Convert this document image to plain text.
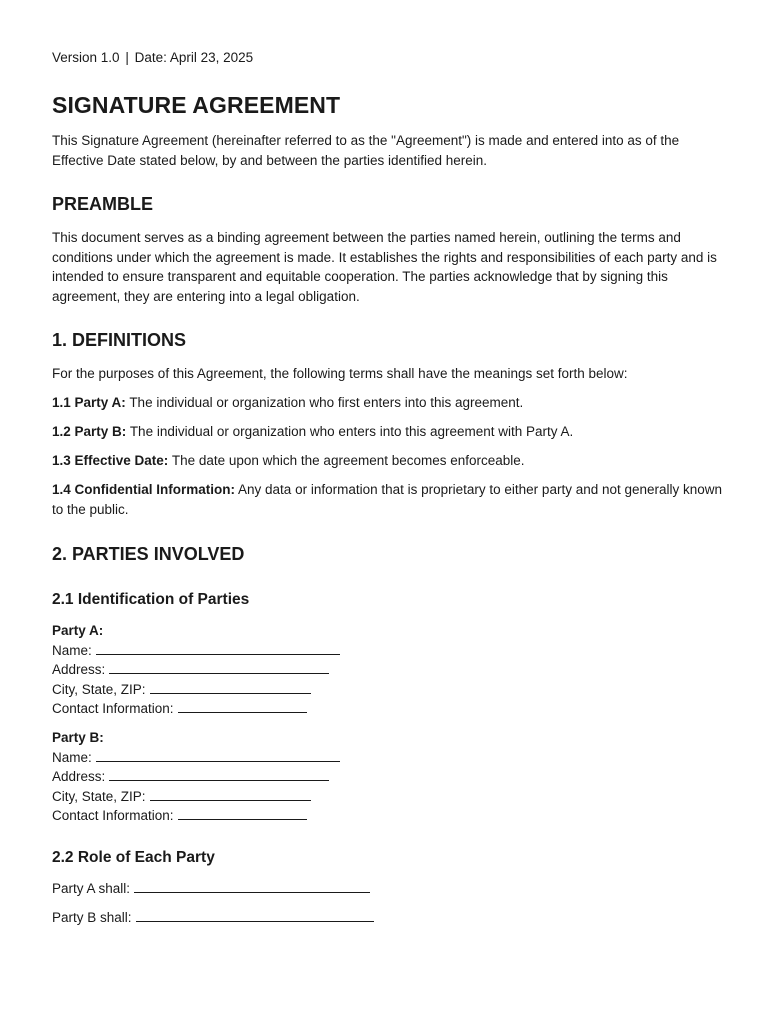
Version 1.0 | Date: April 23, 2025
SIGNATURE AGREEMENT

This Signature Agreement (hereinafter referred to as the "Agreement") is made and entered into as of the Effective Date stated below, by and between the parties identified herein.

PREAMBLE

This document serves as a binding agreement between the parties named herein, outlining the terms and conditions under which the agreement is made. It establishes the rights and responsibilities of each party and is intended to ensure transparent and equitable cooperation. The parties acknowledge that by signing this agreement, they are entering into a legal obligation.

1. DEFINITIONS

For the purposes of this Agreement, the following terms shall have the meanings set forth below:

1.1 Party A: The individual or organization who first enters into this agreement.

1.2 Party B: The individual or organization who enters into this agreement with Party A.

1.3 Effective Date: The date upon which the agreement becomes enforceable.

1.4 Confidential Information: Any data or information that is proprietary to either party and not generally known to the public.

2. PARTIES INVOLVED
2.1 Identification of Parties
Party A:
Name:
Address:
City, State, ZIP:
Contact Information:
Party B:
Name:
Address:
City, State, ZIP:
Contact Information:
2.2 Role of Each Party
Party A shall:
Party B shall:
